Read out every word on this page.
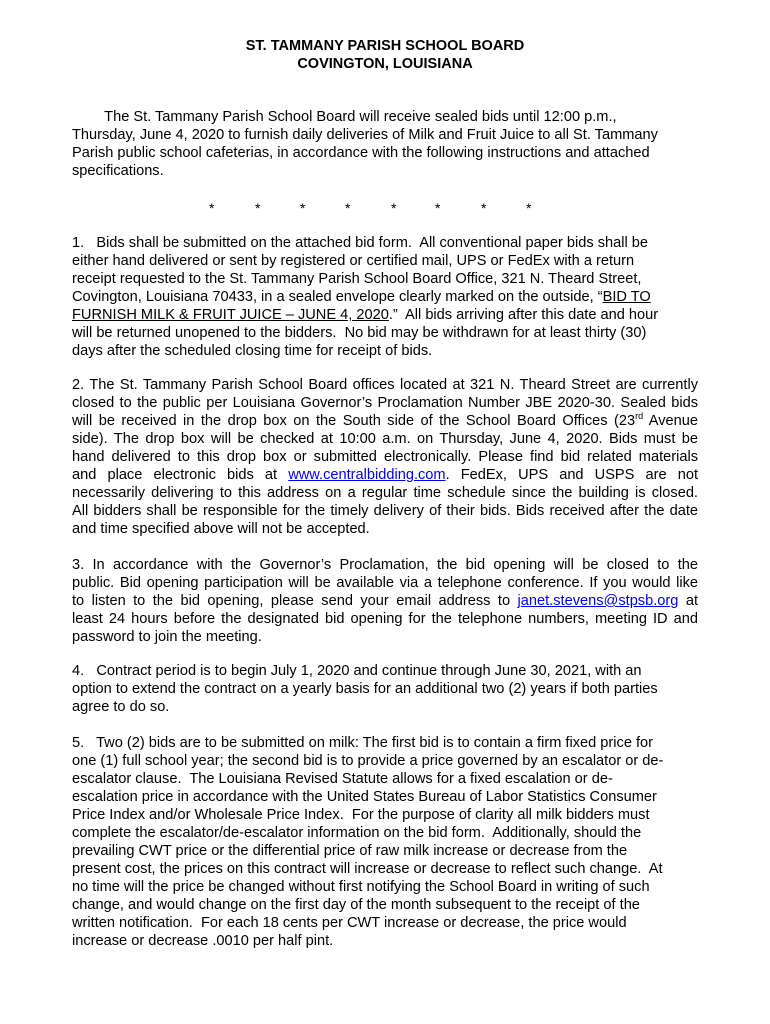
ST. TAMMANY PARISH SCHOOL BOARD
COVINGTON, LOUISIANA
*	*	*	*	*	*	*	*
The St. Tammany Parish School Board will receive sealed bids until 12:00 p.m.,
Thursday, June 4, 2020 to furnish daily deliveries of Milk and Fruit Juice to all St. Tammany
Parish public school cafeterias, in accordance with the following instructions and attached
specifications.
1.   Bids shall be submitted on the attached bid form.  All conventional paper bids shall be
either hand delivered or sent by registered or certified mail, UPS or FedEx with a return
receipt requested to the St. Tammany Parish School Board Office, 321 N. Theard Street,
Covington, Louisiana 70433, in a sealed envelope clearly marked on the outside, “BID TO
FURNISH MILK & FRUIT JUICE – JUNE 4, 2020.”  All bids arriving after this date and hour
will be returned unopened to the bidders.  No bid may be withdrawn for at least thirty (30)
days after the scheduled closing time for receipt of bids.
2. The St. Tammany Parish School Board offices located at 321 N. Theard Street are currently
closed to the public per Louisiana Governor’s Proclamation Number JBE 2020-30. Sealed bids
will be received in the drop box on the South side of the School Board Offices (23rd Avenue
side). The drop box will be checked at 10:00 a.m. on Thursday, June 4, 2020. Bids must be
hand delivered to this drop box or submitted electronically. Please find bid related materials
and place electronic bids at www.centralbidding.com. FedEx, UPS and USPS are not
necessarily delivering to this address on a regular time schedule since the building is closed.
All bidders shall be responsible for the timely delivery of their bids. Bids received after the date
and time specified above will not be accepted.
3. In accordance with the Governor’s Proclamation, the bid opening will be closed to the
public. Bid opening participation will be available via a telephone conference. If you would like
to listen to the bid opening, please send your email address to janet.stevens@stpsb.org at
least 24 hours before the designated bid opening for the telephone numbers, meeting ID and
password to join the meeting.
4.   Contract period is to begin July 1, 2020 and continue through June 30, 2021, with an
option to extend the contract on a yearly basis for an additional two (2) years if both parties
agree to do so.
5.   Two (2) bids are to be submitted on milk: The first bid is to contain a firm fixed price for
one (1) full school year; the second bid is to provide a price governed by an escalator or de-
escalator clause.  The Louisiana Revised Statute allows for a fixed escalation or de-
escalation price in accordance with the United States Bureau of Labor Statistics Consumer
Price Index and/or Wholesale Price Index.  For the purpose of clarity all milk bidders must
complete the escalator/de-escalator information on the bid form.  Additionally, should the
prevailing CWT price or the differential price of raw milk increase or decrease from the
present cost, the prices on this contract will increase or decrease to reflect such change.  At
no time will the price be changed without first notifying the School Board in writing of such
change, and would change on the first day of the month subsequent to the receipt of the
written notification.  For each 18 cents per CWT increase or decrease, the price would
increase or decrease .0010 per half pint.
